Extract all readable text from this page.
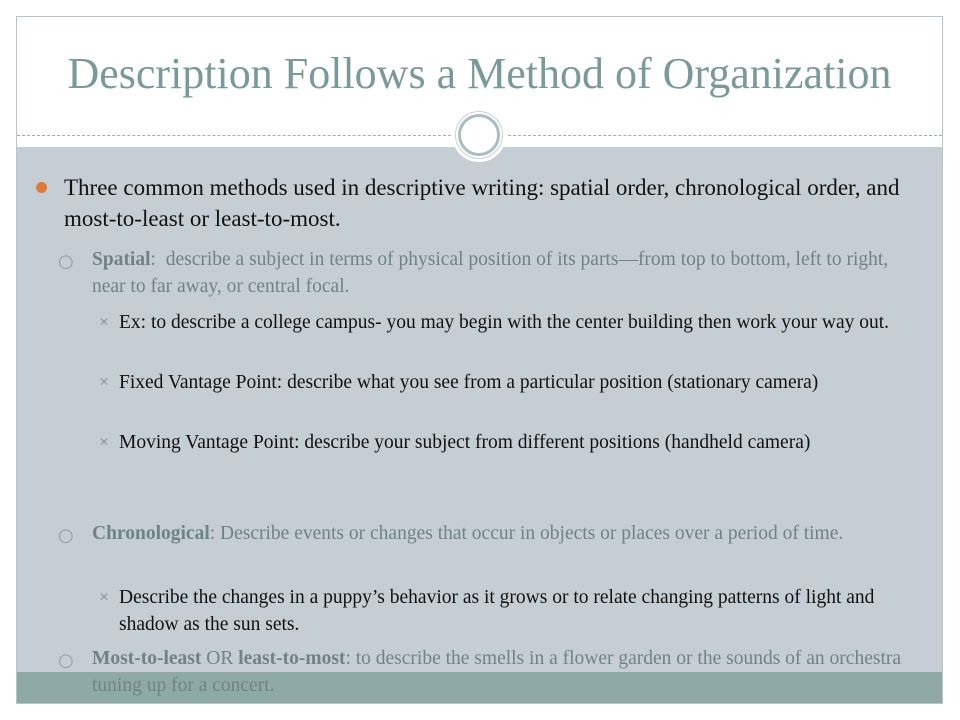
Description Follows a Method of Organization
Three common methods used in descriptive writing: spatial order, chronological order, and most-to-least or least-to-most.
○ Spatial:  describe a subject in terms of physical position of its parts—from top to bottom, left to right, near to far away, or central focal.
✕ Ex: to describe a college campus- you may begin with the center building then work your way out.
✕ Fixed Vantage Point: describe what you see from a particular position (stationary camera)
✕ Moving Vantage Point: describe your subject from different positions (handheld camera)
○ Chronological: Describe events or changes that occur in objects or places over a period of time.
✕ Describe the changes in a puppy’s behavior as it grows or to relate changing patterns of light and shadow as the sun sets.
○ Most-to-least OR least-to-most: to describe the smells in a flower garden or the sounds of an orchestra tuning up for a concert.
